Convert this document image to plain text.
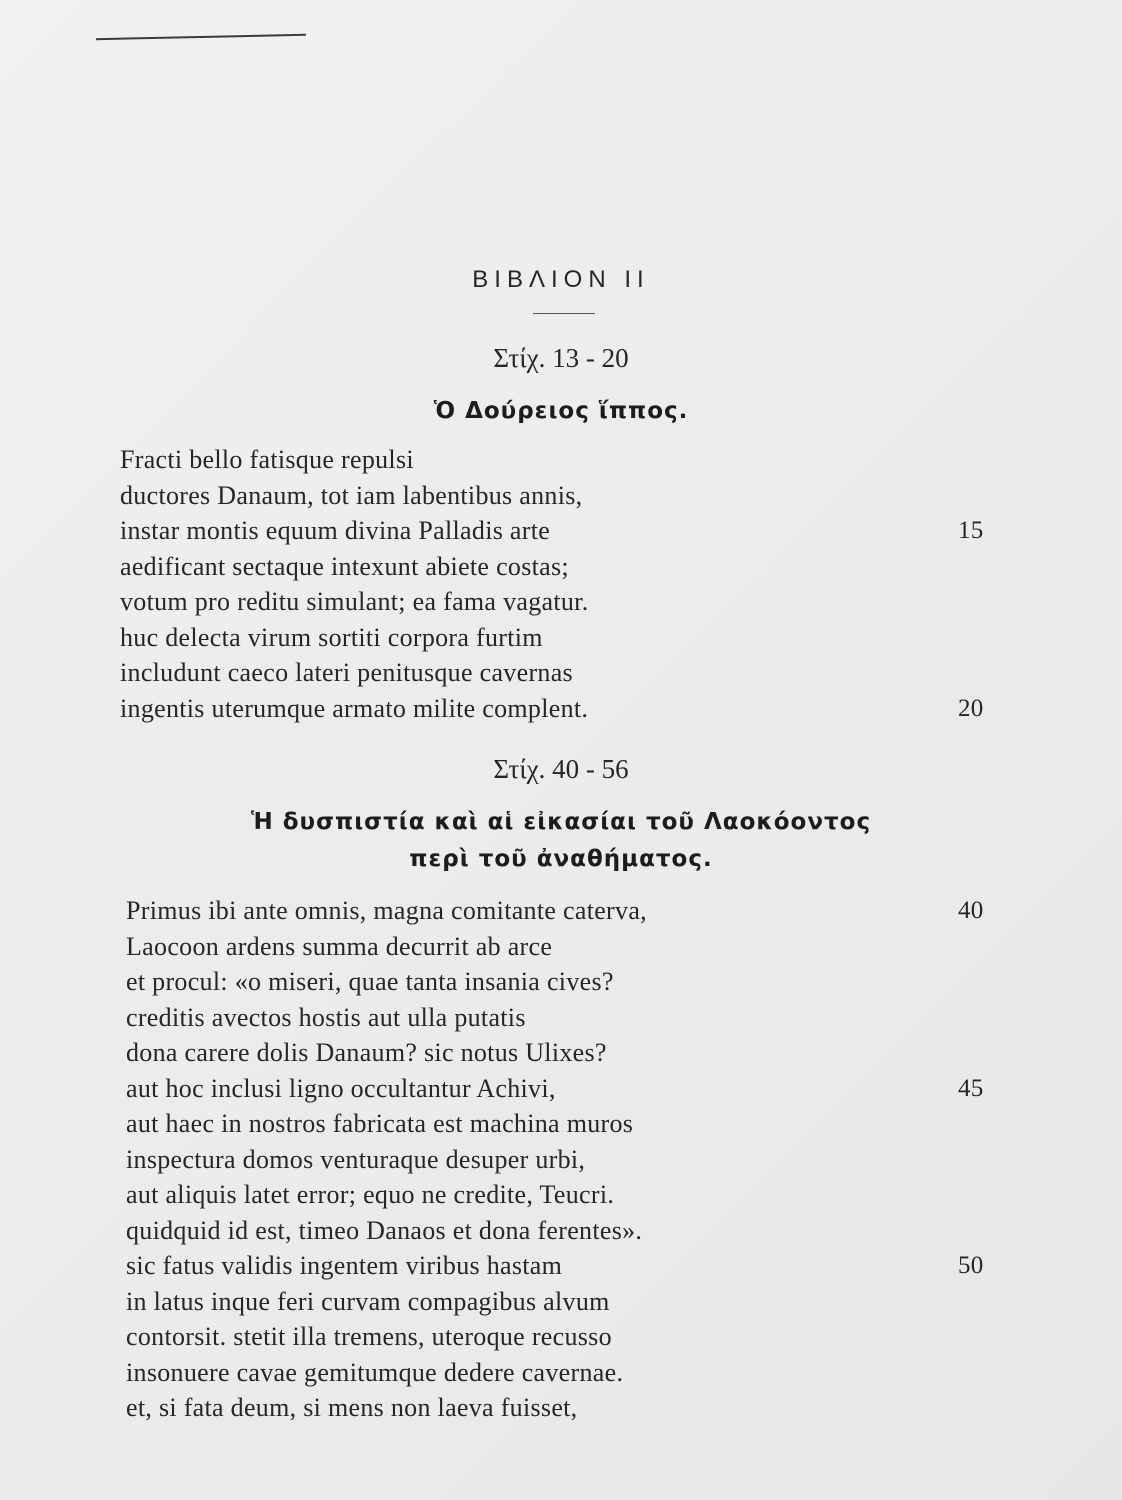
ΒΙΒΛΙΟΝ II
Στίχ. 13 - 20
Ὁ Δούρειος ἵππος.
Fracti bello fatisque repulsi
ductores Danaum, tot iam labentibus annis,
instar montis equum divina Palladis arte	15
aedificant sectaque intexunt abiete costas;
votum pro reditu simulant; ea fama vagatur.
huc delecta virum sortiti corpora furtim
includunt caeco lateri penitusque cavernas
ingentis uterumque armato milite complent.	20
Στίχ. 40 - 56
Ἡ δυσπιστία καὶ αἱ εἰκασίαι τοῦ Λαοκόοντος
περὶ τοῦ ἀναθήματος.
Primus ibi ante omnis, magna comitante caterva,	40
Laocoon ardens summa decurrit ab arce
et procul: «o miseri, quae tanta insania cives?
creditis avectos hostis aut ulla putatis
dona carere dolis Danaum? sic notus Ulixes?
aut hoc inclusi ligno occultantur Achivi,	45
aut haec in nostros fabricata est machina muros
inspectura domos venturaque desuper urbi,
aut aliquis latet error; equo ne credite, Teucri.
quidquid id est, timeo Danaos et dona ferentes».
sic fatus validis ingentem viribus hastam	50
in latus inque feri curvam compagibus alvum
contorsit. stetit illa tremens, uteroque recusso
insonuere cavae gemitumque dedere cavernae.
et, si fata deum, si mens non laeva fuisset,
